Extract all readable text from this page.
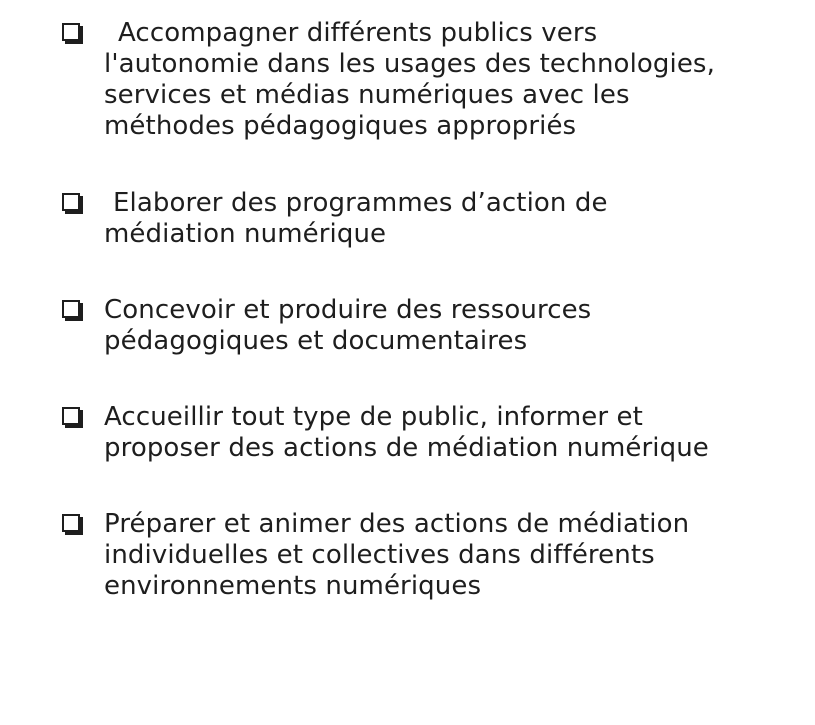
Accompagner différents publics vers
l'autonomie dans les usages des technologies,
services et médias numériques avec les
méthodes pédagogiques appropriés
Elaborer des programmes d’action de
médiation numérique
Concevoir et produire des ressources
pédagogiques et documentaires
Accueillir tout type de public, informer et
proposer des actions de médiation numérique
Préparer et animer des actions de médiation
individuelles et collectives dans différents
environnements numériques
